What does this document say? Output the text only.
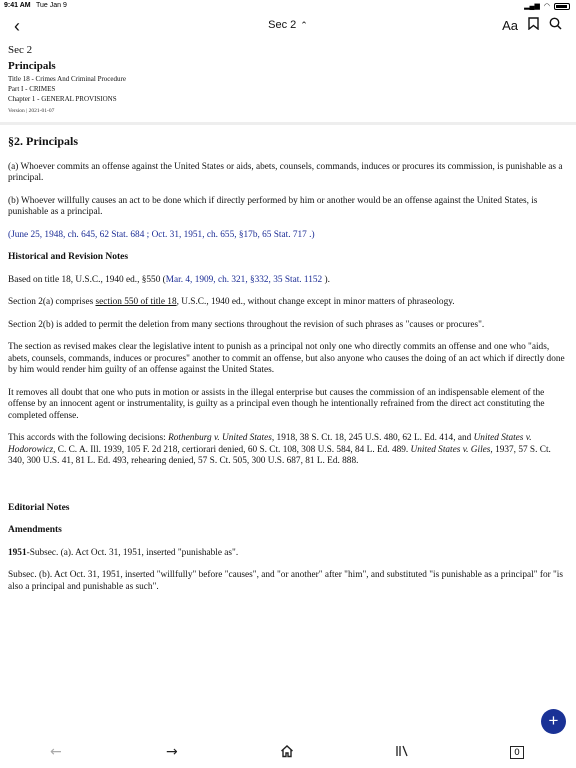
9:41 AM Tue Jan 9	▂▄▆ ◠
‹	Sec 2 ⌃	Aa
Sec 2
Principals
Title 18 - Crimes And Criminal Procedure
Part I - CRIMES
Chapter 1 - GENERAL PROVISIONS
Version | 2021-01-07
§2. Principals

(a) Whoever commits an offense against the United States or aids, abets, counsels, commands, induces or procures its commission, is punishable as a principal.

(b) Whoever willfully causes an act to be done which if directly performed by him or another would be an offense against the United States, is punishable as a principal.

(June 25, 1948, ch. 645, 62 Stat. 684 ; Oct. 31, 1951, ch. 655, §17b, 65 Stat. 717 .)

Historical and Revision Notes

Based on title 18, U.S.C., 1940 ed., §550 (Mar. 4, 1909, ch. 321, §332, 35 Stat. 1152 ).

Section 2(a) comprises section 550 of title 18, U.S.C., 1940 ed., without change except in minor matters of phraseology.

Section 2(b) is added to permit the deletion from many sections throughout the revision of such phrases as "causes or procures".

The section as revised makes clear the legislative intent to punish as a principal not only one who directly commits an offense and one who "aids, abets, counsels, commands, induces or procures" another to commit an offense, but also anyone who causes the doing of an act which if directly done by him would render him guilty of an offense against the United States.

It removes all doubt that one who puts in motion or assists in the illegal enterprise but causes the commission of an indispensable element of the offense by an innocent agent or instrumentality, is guilty as a principal even though he intentionally refrained from the direct act constituting the completed offense.

This accords with the following decisions: Rothenburg v. United States, 1918, 38 S. Ct. 18, 245 U.S. 480, 62 L. Ed. 414, and United States v. Hodorowicz, C. C. A. Ill. 1939, 105 F. 2d 218, certiorari denied, 60 S. Ct. 108, 308 U.S. 584, 84 L. Ed. 489. United States v. Giles, 1937, 57 S. Ct. 340, 300 U.S. 41, 81 L. Ed. 493, rehearing denied, 57 S. Ct. 505, 300 U.S. 687, 81 L. Ed. 888.

Editorial Notes
Amendments

1951-Subsec. (a). Act Oct. 31, 1951, inserted "punishable as".

Subsec. (b). Act Oct. 31, 1951, inserted "willfully" before "causes", and "or another" after "him", and substituted "is punishable as a principal" for "is also a principal and punishable as such".

+
←	→	0
